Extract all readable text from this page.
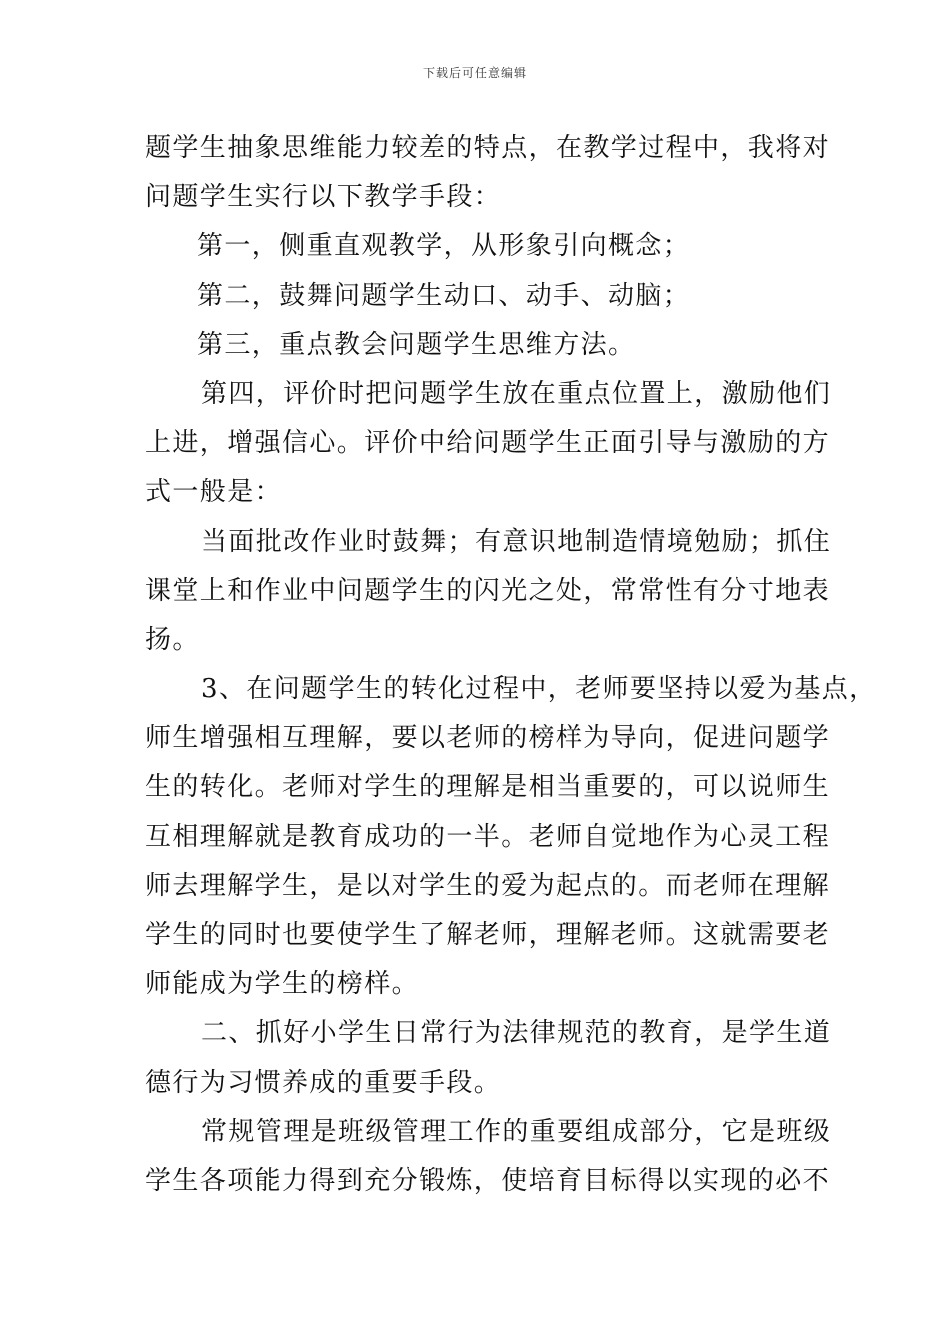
下载后可任意编辑
题学生抽象思维能力较差的特点，在教学过程中，我将对
问题学生实行以下教学手段：
第一，侧重直观教学，从形象引向概念；
第二，鼓舞问题学生动口、动手、动脑；
第三，重点教会问题学生思维方法。
第四，评价时把问题学生放在重点位置上，激励他们
上进，增强信心。评价中给问题学生正面引导与激励的方
式一般是：
当面批改作业时鼓舞；有意识地制造情境勉励；抓住
课堂上和作业中问题学生的闪光之处，常常性有分寸地表
扬。
3、在问题学生的转化过程中，老师要坚持以爱为基点，
师生增强相互理解，要以老师的榜样为导向，促进问题学
生的转化。老师对学生的理解是相当重要的，可以说师生
互相理解就是教育成功的一半。老师自觉地作为心灵工程
师去理解学生，是以对学生的爱为起点的。而老师在理解
学生的同时也要使学生了解老师，理解老师。这就需要老
师能成为学生的榜样。
二、抓好小学生日常行为法律规范的教育，是学生道
德行为习惯养成的重要手段。
常规管理是班级管理工作的重要组成部分，它是班级
学生各项能力得到充分锻炼，使培育目标得以实现的必不
